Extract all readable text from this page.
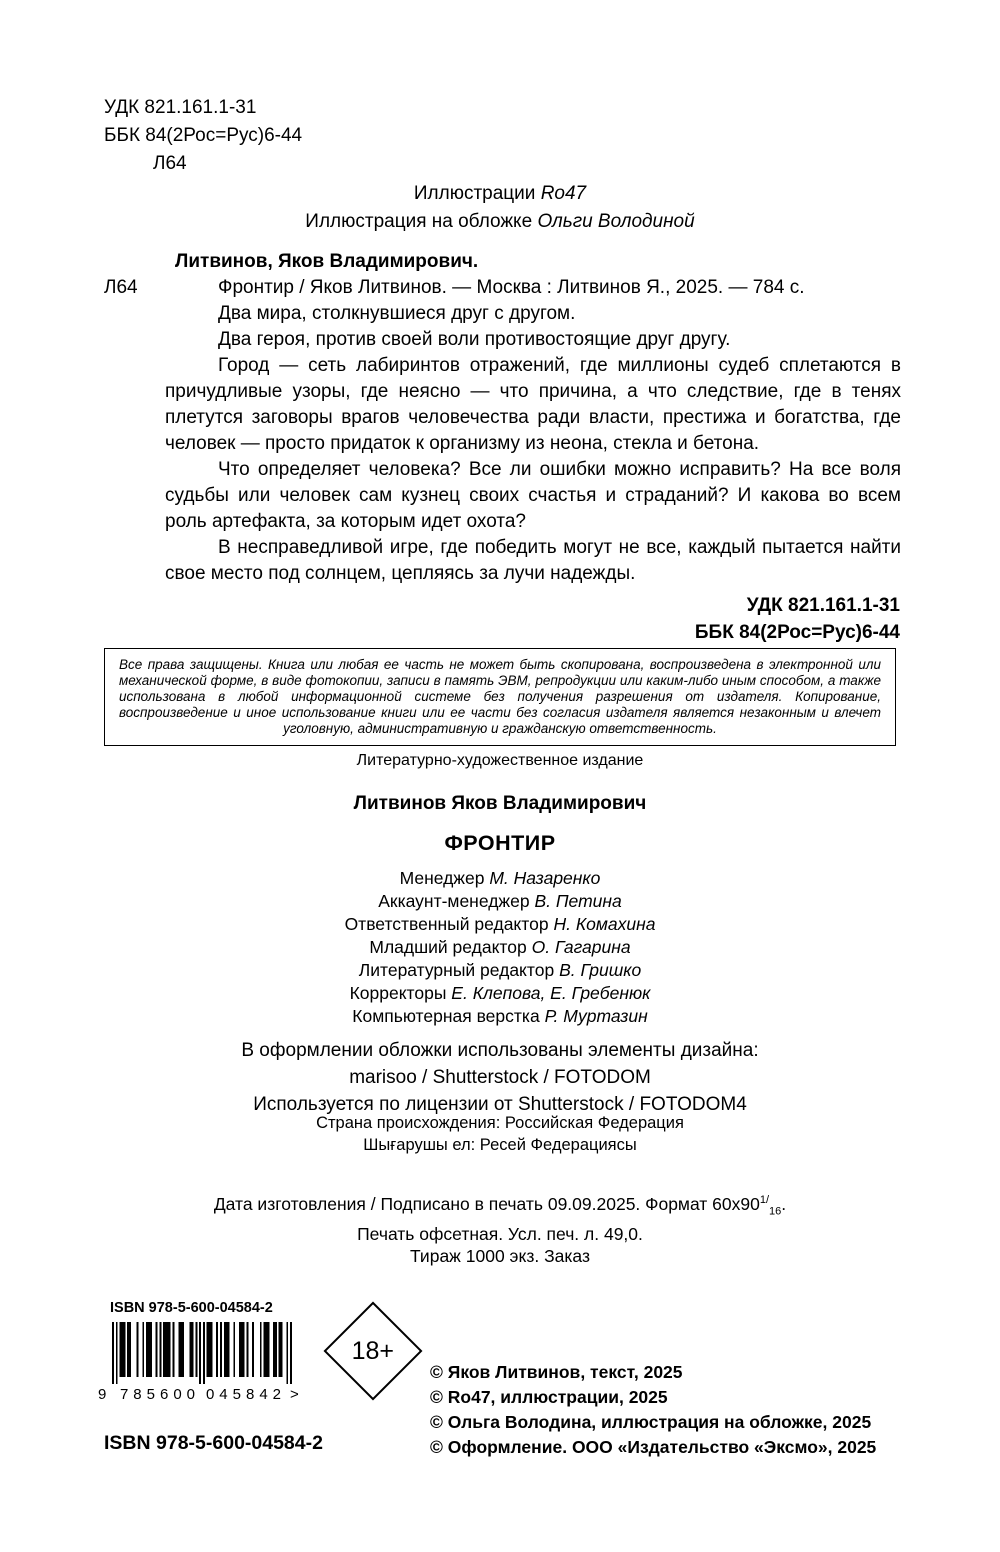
УДК 821.161.1-31
ББК 84(2Рос=Рус)6-44
Л64
Иллюстрации Ro47
Иллюстрация на обложке Ольги Володиной
Л64
Литвинов, Яков Владимирович.
Фронтир / Яков Литвинов. — Москва : Литвинов Я., 2025. — 784 с.

Два мира, столкнувшиеся друг с другом.

Два героя, против своей воли противостоящие друг другу.

Город — сеть лабиринтов отражений, где миллионы судеб сплетаются в причудливые узоры, где неясно — что причина, а что следствие, где в тенях плетутся заговоры врагов человечества ради власти, престижа и богатства, где человек — просто придаток к организму из неона, стекла и бетона.

Что определяет человека? Все ли ошибки можно исправить? На все воля судьбы или человек сам кузнец своих счастья и страданий? И какова во всем роль артефакта, за которым идет охота?

В несправедливой игре, где победить могут не все, каждый пытается найти свое место под солнцем, цепляясь за лучи надежды.

УДК 821.161.1-31
ББК 84(2Рос=Рус)6-44
Все права защищены. Книга или любая ее часть не может быть скопирована, воспроизведена в электронной или механической форме, в виде фотокопии, записи в память ЭВМ, репродукции или каким-либо иным способом, а также использована в любой информационной системе без получения разрешения от издателя. Копирование, воспроизведение и иное использование книги или ее части без согласия издателя является незаконным и влечет уголовную, административную и гражданскую ответственность.
Литературно-художественное издание
Литвинов Яков Владимирович
ФРОНТИР
Менеджер М. Назаренко
Аккаунт-менеджер В. Петина
Ответственный редактор Н. Комахина
Младший редактор О. Гагарина
Литературный редактор В. Гришко
Корректоры Е. Клепова, Е. Гребенюк
Компьютерная верстка Р. Муртазин
В оформлении обложки использованы элементы дизайна:
marisoo / Shutterstock / FOTODOM
Используется по лицензии от Shutterstock / FOTODOM4
Страна происхождения: Российская Федерация
Шығарушы ел: Ресей Федерациясы
Дата изготовления / Подписано в печать 09.09.2025. Формат $60x90^{1/}_{16}$.
Печать офсетная. Усл. печ. л. 49,0.
Тираж 1000 экз. Заказ
ISBN 978-5-600-04584-2
9 785600 045842 >
18+
© Яков Литвинов, текст, 2025
© Ro47, иллюстрации, 2025
© Ольга Володина, иллюстрация на обложке, 2025
© Оформление. ООО «Издательство «Эксмо», 2025
ISBN 978-5-600-04584-2
